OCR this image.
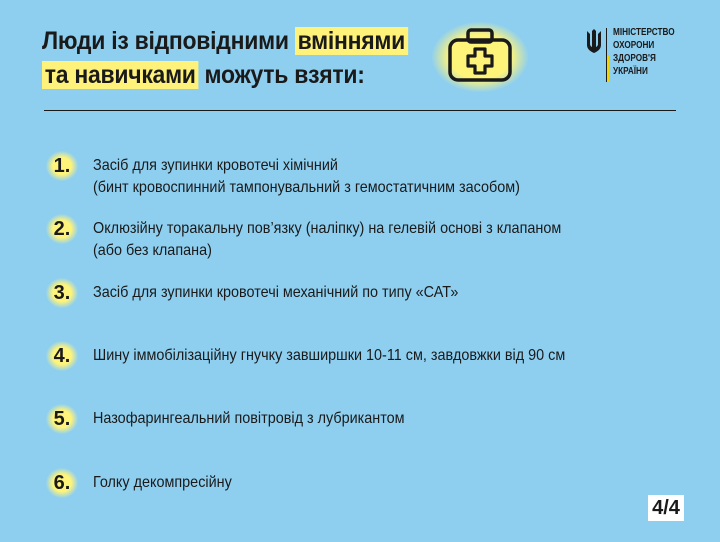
Люди із відповідними вміннями
та навичками можуть взяти:
МІНІСТЕРСТВО
ОХОРОНИ
ЗДОРОВ'Я
УКРАЇНИ
1.	Засіб для зупинки кровотечі хімічний
(бинт кровоспинний тампонувальний з гемостатичним засобом)
2.	Оклюзійну торакальну пов’язку (наліпку) на гелевій основі з клапаном
(або без клапана)
3.	Засіб для зупинки кровотечі механічний по типу «САТ»
4.	Шину іммобілізаційну гнучку завширшки 10-11 см, завдовжки від 90 см
5.	Назофарингеальний повітровід з лубрикантом
6.	Голку декомпресійну
4/4
